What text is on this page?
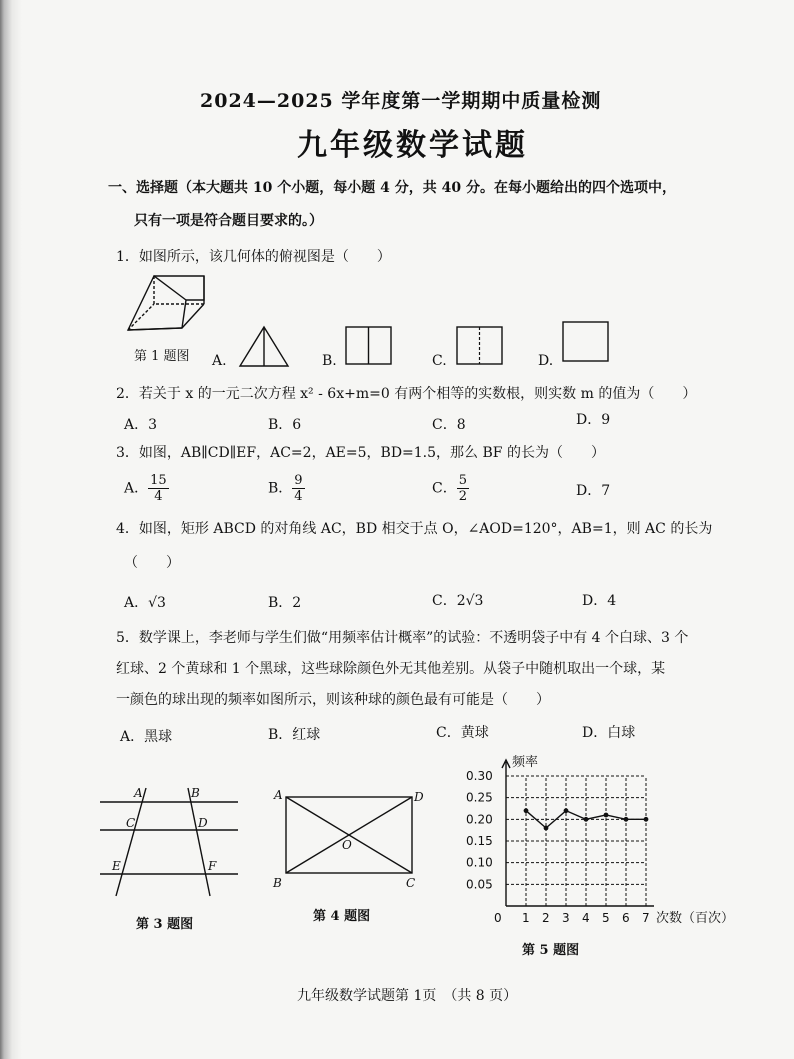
2024—2025 学年度第一学期期中质量检测
九年级数学试题
一、选择题（本大题共 10 个小题，每小题 4 分，共 40 分。在每小题给出的四个选项中，
只有一项是符合题目要求的。）
1．如图所示，该几何体的俯视图是（　　）
第 1 题图 A.	B.	C.	D.
2．若关于 x 的一元二次方程 x² - 6x+m=0 有两个相等的实数根，则实数 m 的值为（　　）
A．3	B．6	C．8	D．9
3．如图，AB∥CD∥EF，AC=2，AE=5，BD=1.5，那么 BF 的长为（　　）
A． $\frac{15}{4}$	B． $\frac{9}{4}$	C． $\frac{5}{2}$	D．7
4．如图，矩形 ABCD 的对角线 AC，BD 相交于点 O，∠AOD=120°，AB=1，则 AC 的长为
（　　）
A．√3	B．2	C．2√3	D．4
5．数学课上，李老师与学生们做“用频率估计概率”的试验：不透明袋子中有 4 个白球、3 个
红球、2 个黄球和 1 个黑球，这些球除颜色外无其他差别。从袋子中随机取出一个球，某
一颜色的球出现的频率如图所示，则该种球的颜色最有可能是（　　）
A．黑球	B．红球	C．黄球	D．白球
A	B
C	D
E	F
第 3 题图
A	D
O
B	C
第 4 题图
0.05
0.10
0.15
0.20
0.25
0.30
1 2 3 4 5 6 7
0
频率
次数（百次）
第 5 题图
九年级数学试题第 1页　（共 8 页）
